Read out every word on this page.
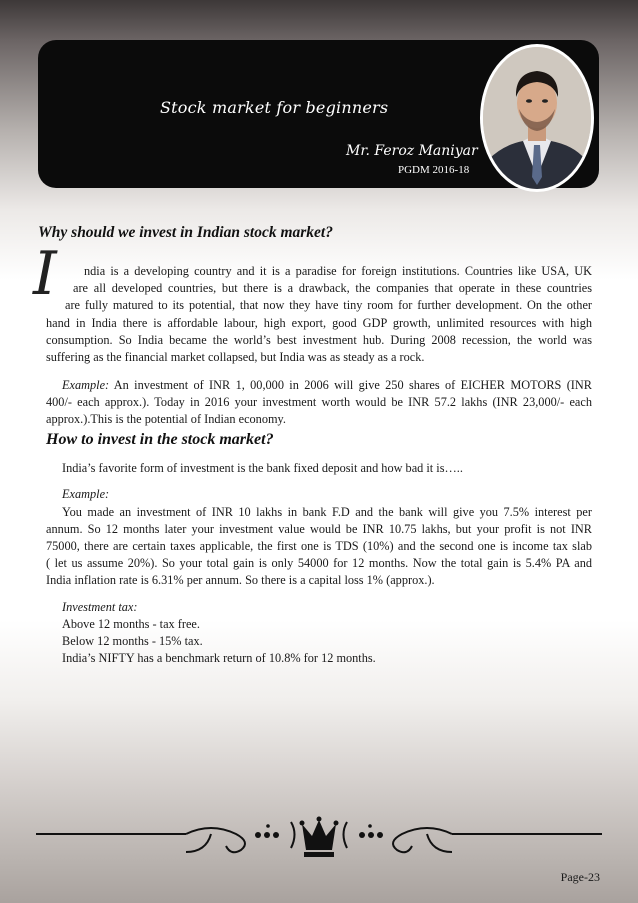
Stock market for beginners
Mr. Feroz Maniyar
PGDM 2016-18
Why should we invest in Indian stock market?
I ndia is a developing country and it is a paradise for foreign institutions. Countries like USA, UK
are all developed countries, but there is a drawback, the companies that operate in these countries
are fully matured to its potential, that now they have tiny room for further development. On the other
hand in India there is affordable labour, high export, good GDP growth, unlimited resources with high
consumption. So India became the world’s best investment hub. During 2008 recession, the world was
suffering as the financial market collapsed, but India was as steady as a rock.
Example: An investment of INR 1, 00,000 in 2006 will give 250 shares of EICHER MOTORS (INR
400/- each approx.). Today in 2016 your investment worth would be INR 57.2 lakhs (INR 23,000/- each
approx.).This is the potential of Indian economy.
How to invest in the stock market?
India’s favorite form of investment is the bank fixed deposit and how bad it is…..
Example:
You made an investment of INR 10 lakhs in bank F.D and the bank will give you 7.5% interest per
annum. So 12 months later your investment value would be INR 10.75 lakhs, but your profit is not INR
75000, there are certain taxes applicable, the first one is TDS (10%) and the second one is income tax slab
( let us assume 20%). So your total gain is only 54000 for 12 months. Now the total gain is 5.4% PA and
India inflation rate is 6.31% per annum. So there is a capital loss 1% (approx.).
Investment tax:
Above 12 months - tax free.
Below 12 months - 15% tax.
India’s NIFTY has a benchmark return of 10.8% for 12 months.
Page-23
